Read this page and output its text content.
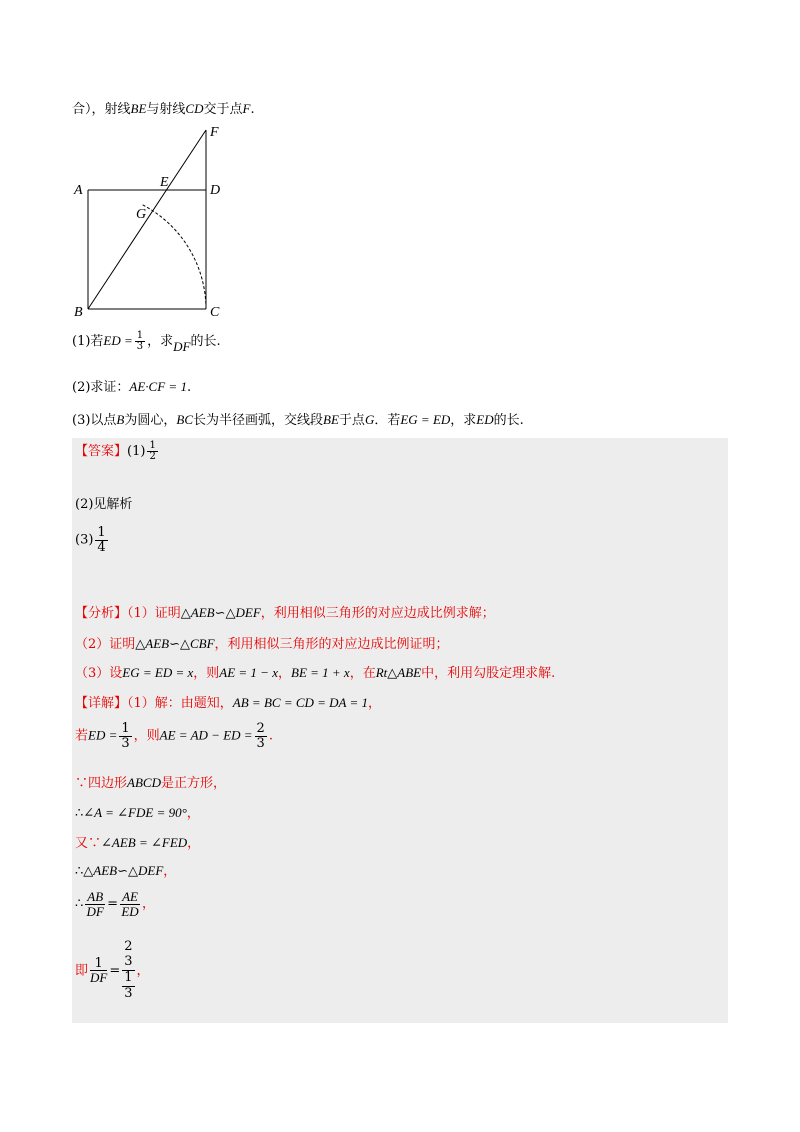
合），射线BE与射线CD交于点F.
A
B	C
D
E
F
G
(1)若ED = $\frac{1}{3}$ ，求DF的长.
(2)求证：AE·CF = 1.
(3)以点B为圆心，BC长为半径画弧，交线段BE于点G．若EG = ED，求ED的长.
【答案】$(1) \frac{1}{2}$
(2)见解析
$(3) \frac{1}{4}$
【分析】（1）证明△AEB∽△DEF，利用相似三角形的对应边成比例求解；
（2）证明△AEB∽△CBF，利用相似三角形的对应边成比例证明；
（3）设EG = ED = x，则AE = 1 − x，BE = 1 + x，在Rt△ABE中，利用勾股定理求解.
【详解】（1）解：由题知，AB = BC = CD = DA = 1，
若ED = $\frac{1}{3}$ ，则AE = AD − ED = $\frac{2}{3}$ .
∵四边形ABCD是正方形，
∴∠A = ∠FDE = 90°，
又∵∠AEB = ∠FED，
∴△AEB∽△DEF，
∴ $\frac{AB}{DF} = \frac{AE}{ED}$ ，
即 $\frac{1}{DF}$ =
2
3
1
3
，
